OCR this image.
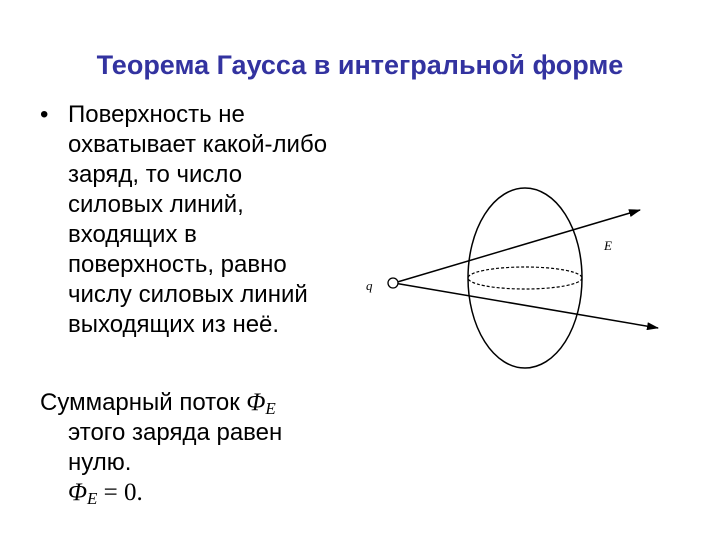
Теорема Гаусса в интегральной форме
• Поверхность не
охватывает какой-либо
заряд, то число
силовых линий,
входящих в
поверхность, равно
числу силовых линий
выходящих из неё.
Суммарный поток ΦE
этого заряда равен
нулю.
ΦE = 0.
q
E
